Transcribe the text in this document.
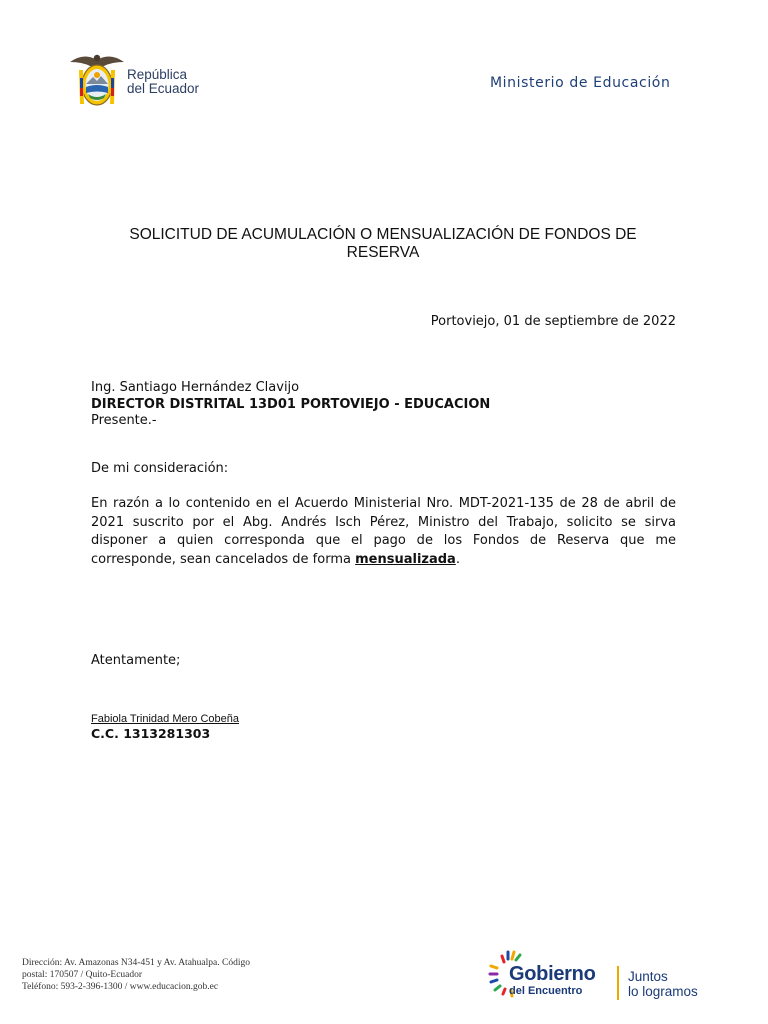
República
del Ecuador	Ministerio de Educación
SOLICITUD DE ACUMULACIÓN O MENSUALIZACIÓN DE FONDOS DE
RESERVA
Portoviejo, 01 de septiembre de 2022
Ing. Santiago Hernández Clavijo
DIRECTOR DISTRITAL 13D01 PORTOVIEJO - EDUCACION
Presente.-
De mi consideración:
En razón a lo contenido en el Acuerdo Ministerial Nro. MDT-2021-135 de 28 de abril de 2021 suscrito por el Abg. Andrés Isch Pérez, Ministro del Trabajo, solicito se sirva disponer a quien corresponda que el pago de los Fondos de Reserva que me corresponde, sean cancelados de forma mensualizada.
Atentamente;
Fabiola Trinidad Mero Cobeña
C.C. 1313281303
Dirección: Av. Amazonas N34-451 y Av. Atahualpa. Código
postal: 170507 / Quito-Ecuador
Teléfono: 593-2-396-1300 / www.educacion.gob.ec
Gobierno
del Encuentro
Juntos
lo logramos
